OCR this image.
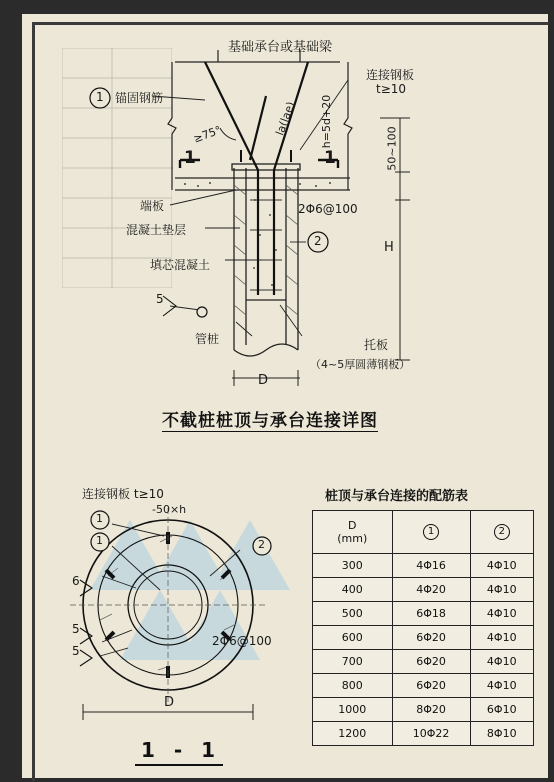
基础承台或基础梁
1 锚固钢筋
连接钢板
t≥10
≥75°	la(lae) h=5d+20
50~100
1	1
端板	2Φ6@100
混凝土垫层
2	H
填芯混凝土
5
管桩	托板
（4~5厚圆薄钢板）
D
不截桩桩顶与承台连接详图
连接钢板 t≥10
-50×h
1
1	2
6
5
5
2Φ6@100
D
1 - 1
桩顶与承台连接的配筋表
D
(mm)	1	2
300	4Φ16	4Φ10
400	4Φ20	4Φ10
500	6Φ18	4Φ10
600	6Φ20	4Φ10
700	6Φ20	4Φ10
800	6Φ20	4Φ10
1000	8Φ20	6Φ10
1200	10Φ22	8Φ10
